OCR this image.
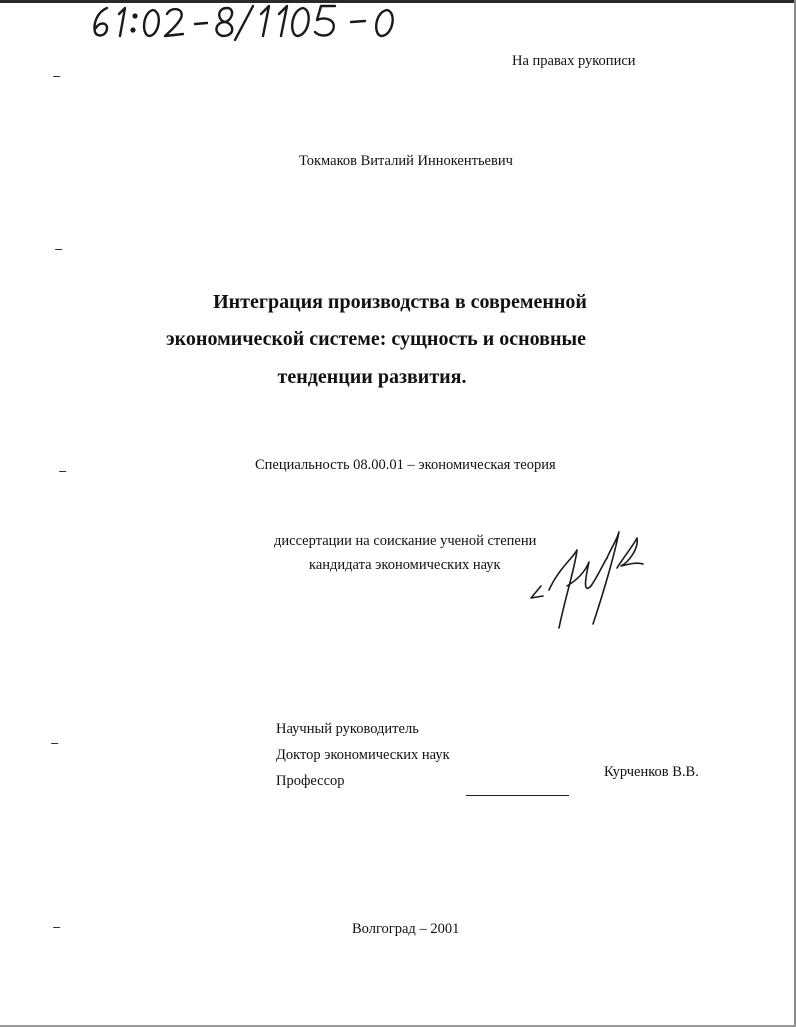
На правах рукописи
Токмаков Виталий Иннокентьевич
Интеграция производства в современной
экономической системе: сущность и основные
тенденции развития.
Специальность 08.00.01 – экономическая теория
диссертации на соискание ученой степени
кандидата экономических наук
Научный руководитель
Доктор экономических наук
Профессор
Курченков В.В.
Волгоград – 2001
